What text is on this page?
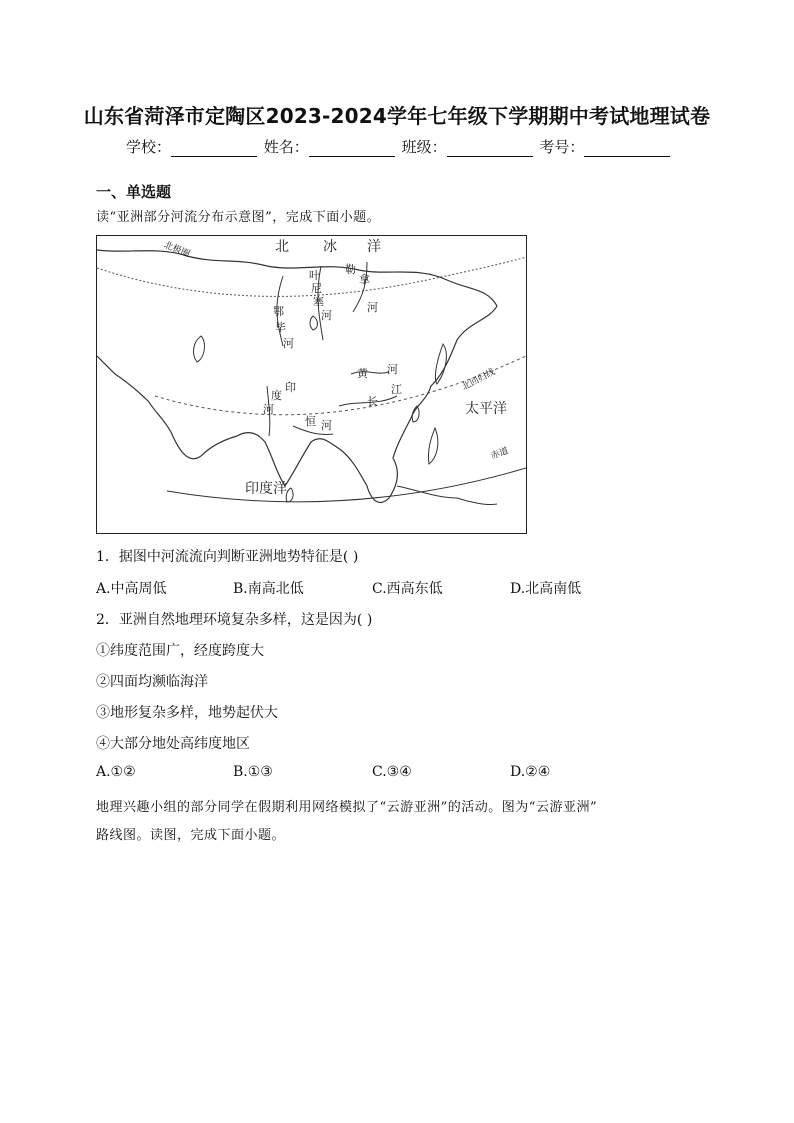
山东省菏泽市定陶区2023-2024学年七年级下学期期中考试地理试卷
学校：	姓名：	班级：	考号：
一、单选题
读“亚洲部分河流分布示意图”，完成下面小题。
北 冰 洋
北极圈
北回归线
赤道
太平洋
印度洋
叶
尼
塞
河
勒
拿
河
鄂
毕
河
黄 河
江
长
印
度
河
恒 河
1．据图中河流流向判断亚洲地势特征是( )
A.中高周低	B.南高北低	C.西高东低	D.北高南低
2．亚洲自然地理环境复杂多样，这是因为( )
①纬度范围广，经度跨度大
②四面均濒临海洋
③地形复杂多样，地势起伏大
④大部分地处高纬度地区
A.①②	B.①③	C.③④	D.②④
地理兴趣小组的部分同学在假期利用网络模拟了“云游亚洲”的活动。图为“云游亚洲”
路线图。读图，完成下面小题。
